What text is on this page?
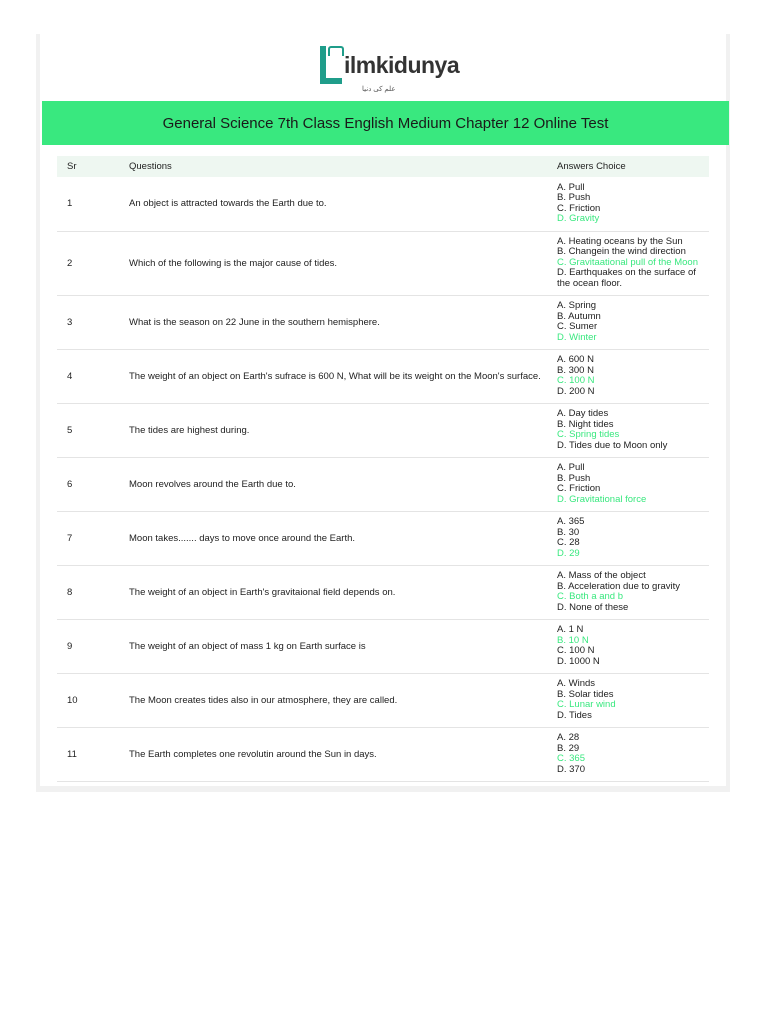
ilmkidunya
علم کی دنیا
General Science 7th Class English Medium Chapter 12 Online Test
Sr	Questions	Answers Choice
1	An object is attracted towards the Earth due to.	A. Pull
B. Push
C. Friction
D. Gravity

2	Which of the following is the major cause of tides.	A. Heating oceans by the Sun
B. Changein the wind direction
C. Gravitaational pull of the Moon
D. Earthquakes on the surface of the ocean floor.

3	What is the season on 22 June in the southern hemisphere.	A. Spring
B. Autumn
C. Sumer
D. Winter

4	The weight of an object on Earth's sufrace is 600 N, What will be its weight on the Moon's surface.	A. 600 N
B. 300 N
C. 100 N
D. 200 N

5	The tides are highest during.	A. Day tides
B. Night tides
C. Spring tides
D. Tides due to Moon only

6	Moon revolves around the Earth due to.	A. Pull
B. Push
C. Friction
D. Gravitational force

7	Moon takes....... days to move once around the Earth.	A. 365
B. 30
C. 28
D. 29

8	The weight of an object in Earth's gravitaional field depends on.	A. Mass of the object
B. Acceleration due to gravity
C. Both a and b
D. None of these

9	The weight of an object of mass 1 kg on Earth surface is	A. 1 N
B. 10 N
C. 100 N
D. 1000 N

10	The Moon creates tides also in our atmosphere, they are called.	A. Winds
B. Solar tides
C. Lunar wind
D. Tides

11	The Earth completes one revolutin around the Sun in days.	A. 28
B. 29
C. 365
D. 370
